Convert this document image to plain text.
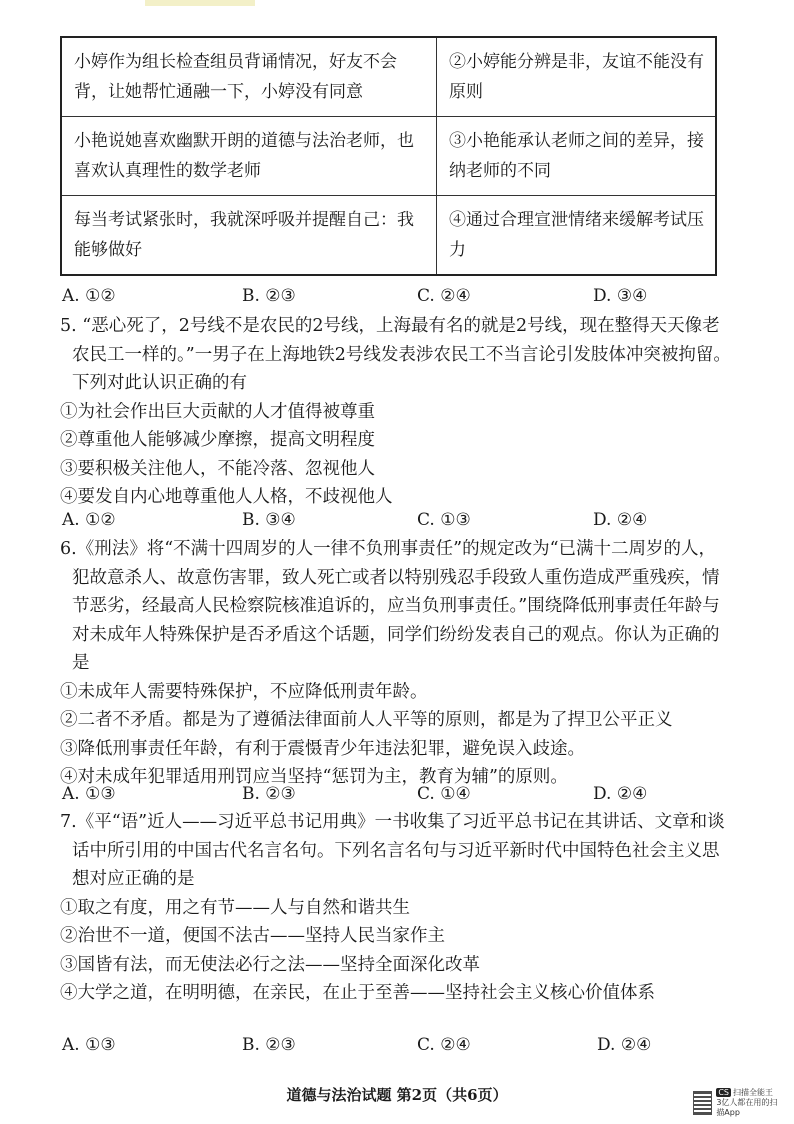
小婷作为组长检查组员背诵情况，好友不会背，让她帮忙通融一下，小婷没有同意	②小婷能分辨是非，友谊不能没有原则
小艳说她喜欢幽默开朗的道德与法治老师，也喜欢认真理性的数学老师	③小艳能承认老师之间的差异，接纳老师的不同
每当考试紧张时，我就深呼吸并提醒自己：我能够做好	④通过合理宣泄情绪来缓解考试压力
A. ①②	B. ②③	C. ②④	D. ③④

5. “恶心死了，2号线不是农民的2号线，上海最有名的就是2号线，现在整得天天像老农民工一样的。”一男子在上海地铁2号线发表涉农民工不当言论引发肢体冲突被拘留。下列对此认识正确的有

①为社会作出巨大贡献的人才值得被尊重

②尊重他人能够减少摩擦，提高文明程度

③要积极关注他人，不能冷落、忽视他人

④要发自内心地尊重他人人格，不歧视他人

A. ①②	B. ③④	C. ①③	D. ②④

6.《刑法》将“不满十四周岁的人一律不负刑事责任”的规定改为“已满十二周岁的人，犯故意杀人、故意伤害罪，致人死亡或者以特别残忍手段致人重伤造成严重残疾，情节恶劣，经最高人民检察院核准追诉的，应当负刑事责任。”围绕降低刑事责任年龄与对未成年人特殊保护是否矛盾这个话题，同学们纷纷发表自己的观点。你认为正确的是

①未成年人需要特殊保护，不应降低刑责年龄。

②二者不矛盾。都是为了遵循法律面前人人平等的原则，都是为了捍卫公平正义

③降低刑事责任年龄，有利于震慑青少年违法犯罪，避免误入歧途。

④对未成年犯罪适用刑罚应当坚持“惩罚为主，教育为辅”的原则。

A. ①③	B. ②③	C. ①④	D. ②④

7.《平“语”近人——习近平总书记用典》一书收集了习近平总书记在其讲话、文章和谈话中所引用的中国古代名言名句。下列名言名句与习近平新时代中国特色社会主义思想对应正确的是

①取之有度，用之有节——人与自然和谐共生

②治世不一道，便国不法古——坚持人民当家作主

③国皆有法，而无使法必行之法——坚持全面深化改革

④大学之道，在明明德，在亲民，在止于至善——坚持社会主义核心价值体系

A. ①③	B. ②③	C. ②④	D. ②④
道德与法治试题 第2页（共6页）	CS 扫描全能王
3亿人都在用的扫描App
